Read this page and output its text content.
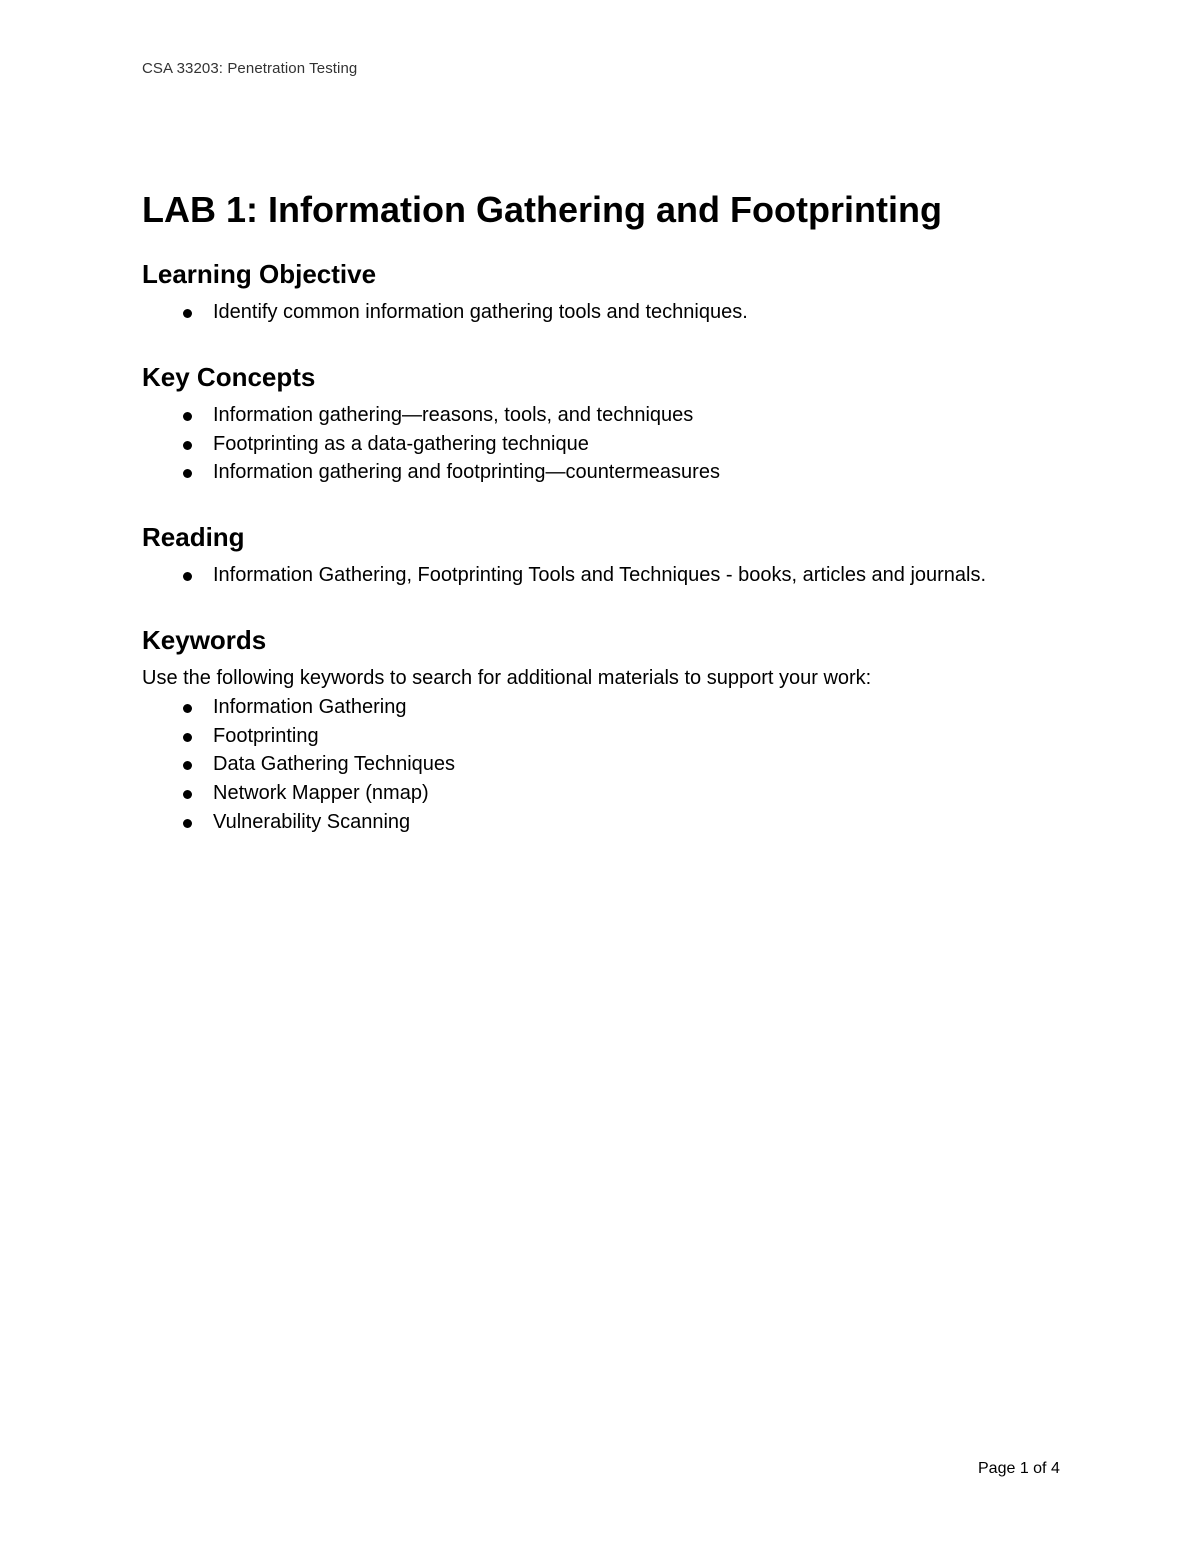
CSA 33203: Penetration Testing
LAB 1: Information Gathering and Footprinting
Learning Objective
Identify common information gathering tools and techniques.
Key Concepts
Information gathering—reasons, tools, and techniques
Footprinting as a data-gathering technique
Information gathering and footprinting—countermeasures
Reading
Information Gathering, Footprinting Tools and Techniques - books, articles and journals.
Keywords

Use the following keywords to search for additional materials to support your work:

Information Gathering
Footprinting
Data Gathering Techniques
Network Mapper (nmap)
Vulnerability Scanning
Page 1 of 4
